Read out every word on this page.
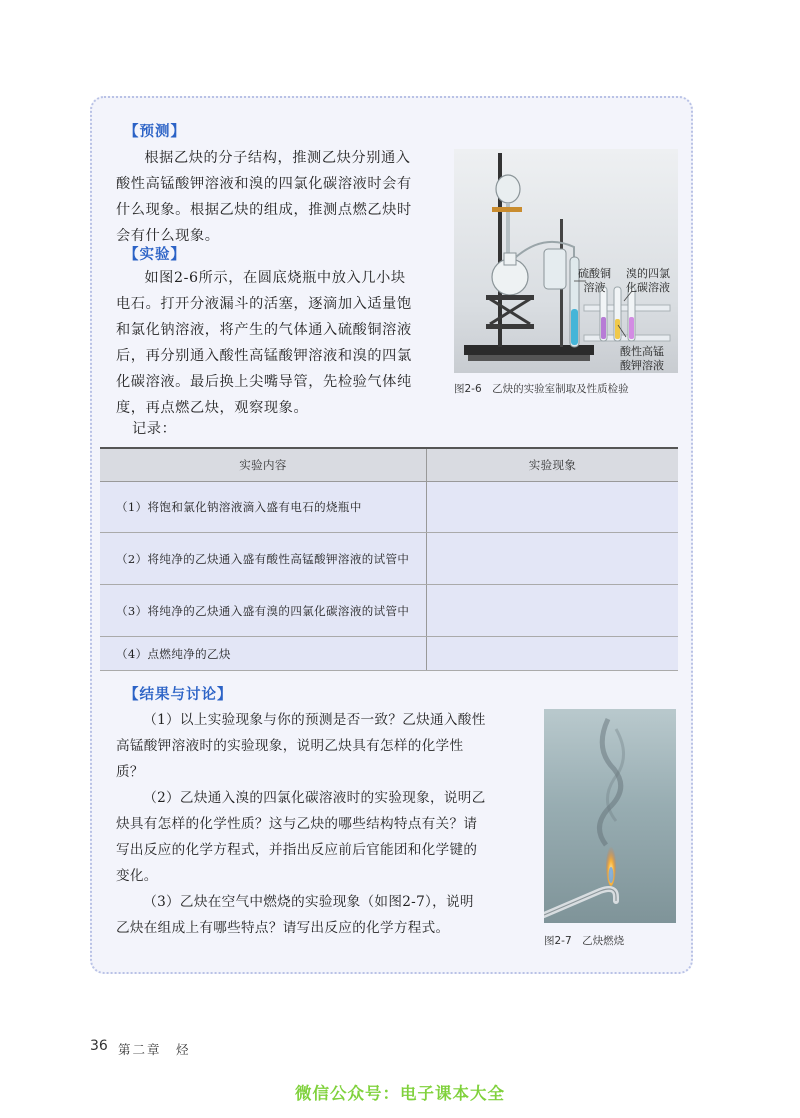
【预测】

根据乙炔的分子结构，推测乙炔分别通入

酸性高锰酸钾溶液和溴的四氯化碳溶液时会有

什么现象。根据乙炔的组成，推测点燃乙炔时

会有什么现象。

【实验】

如图2-6所示，在圆底烧瓶中放入几小块

电石。打开分液漏斗的活塞，逐滴加入适量饱

和氯化钠溶液，将产生的气体通入硫酸铜溶液

后，再分别通入酸性高锰酸钾溶液和溴的四氯

化碳溶液。最后换上尖嘴导管，先检验气体纯

度，再点燃乙炔，观察现象。

记录：
硫酸铜
溶液
溴的四氯
化碳溶液
酸性高锰
酸钾溶液
图2-6　乙炔的实验室制取及性质检验
实验内容	实验现象
（1）将饱和氯化钠溶液滴入盛有电石的烧瓶中	
（2）将纯净的乙炔通入盛有酸性高锰酸钾溶液的试管中	
（3）将纯净的乙炔通入盛有溴的四氯化碳溶液的试管中	
（4）点燃纯净的乙炔	
【结果与讨论】

（1）以上实验现象与你的预测是否一致？乙炔通入酸性

高锰酸钾溶液时的实验现象，说明乙炔具有怎样的化学性

质？

（2）乙炔通入溴的四氯化碳溶液时的实验现象，说明乙

炔具有怎样的化学性质？这与乙炔的哪些结构特点有关？请

写出反应的化学方程式，并指出反应前后官能团和化学键的

变化。

（3）乙炔在空气中燃烧的实验现象（如图2-7），说明

乙炔在组成上有哪些特点？请写出反应的化学方程式。

图2-7　乙炔燃烧
36 第二章　烃
微信公众号：电子课本大全
